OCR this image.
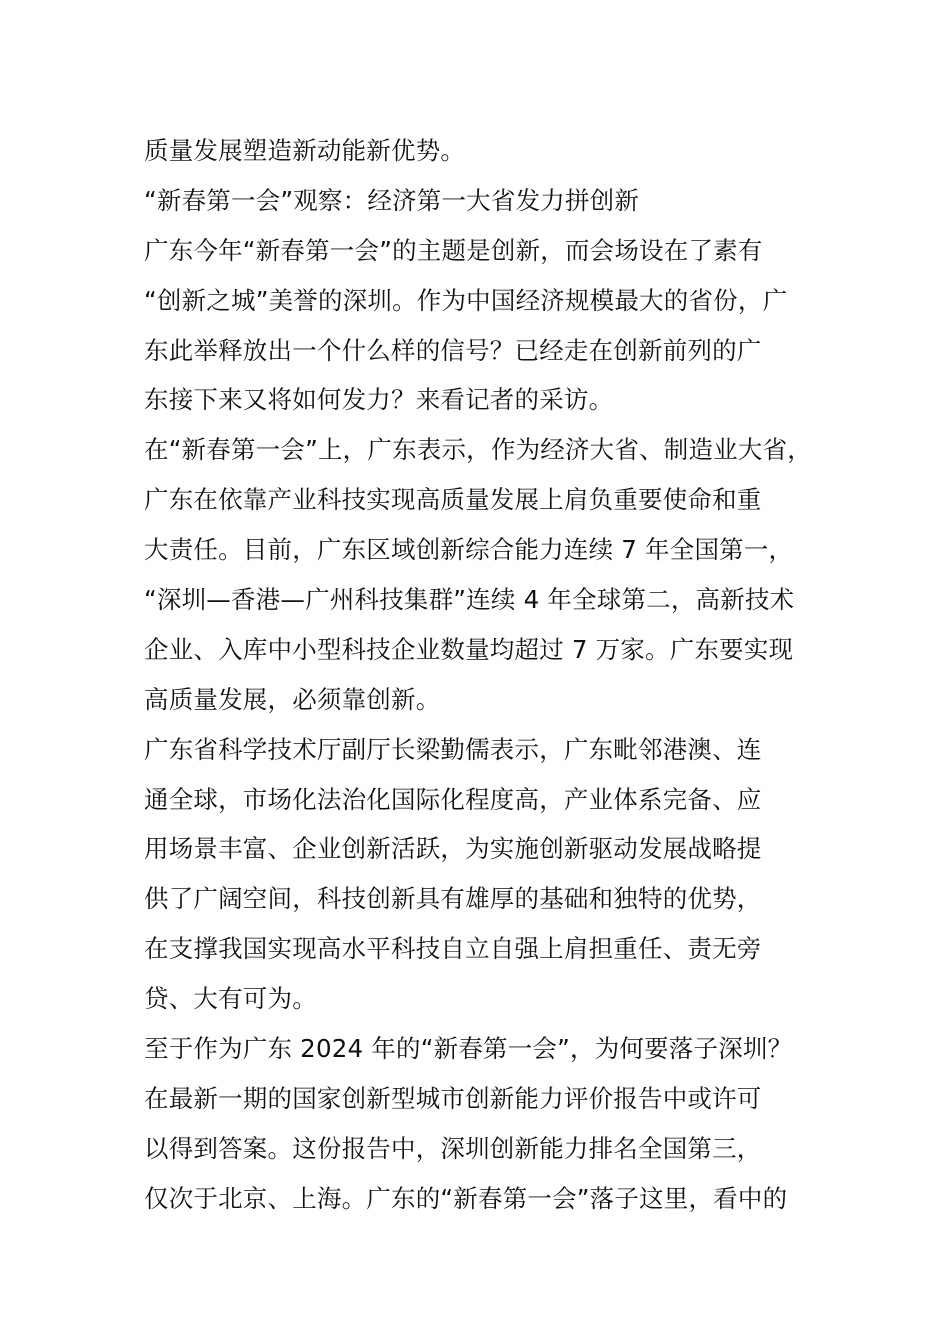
质量发展塑造新动能新优势。
“新春第一会”观察：经济第一大省发力拼创新
广东今年“新春第一会”的主题是创新，而会场设在了素有
“创新之城”美誉的深圳。作为中国经济规模最大的省份，广
东此举释放出一个什么样的信号？已经走在创新前列的广
东接下来又将如何发力？来看记者的采访。
在“新春第一会”上，广东表示，作为经济大省、制造业大省，
广东在依靠产业科技实现高质量发展上肩负重要使命和重
大责任。目前，广东区域创新综合能力连续 7 年全国第一，
“深圳—香港—广州科技集群”连续 4 年全球第二，高新技术
企业、入库中小型科技企业数量均超过 7 万家。广东要实现
高质量发展，必须靠创新。
广东省科学技术厅副厅长梁勤儒表示，广东毗邻港澳、连
通全球，市场化法治化国际化程度高，产业体系完备、应
用场景丰富、企业创新活跃，为实施创新驱动发展战略提
供了广阔空间，科技创新具有雄厚的基础和独特的优势，
在支撑我国实现高水平科技自立自强上肩担重任、责无旁
贷、大有可为。
至于作为广东 2024 年的“新春第一会”，为何要落子深圳？
在最新一期的国家创新型城市创新能力评价报告中或许可
以得到答案。这份报告中，深圳创新能力排名全国第三，
仅次于北京、上海。广东的“新春第一会”落子这里，看中的
